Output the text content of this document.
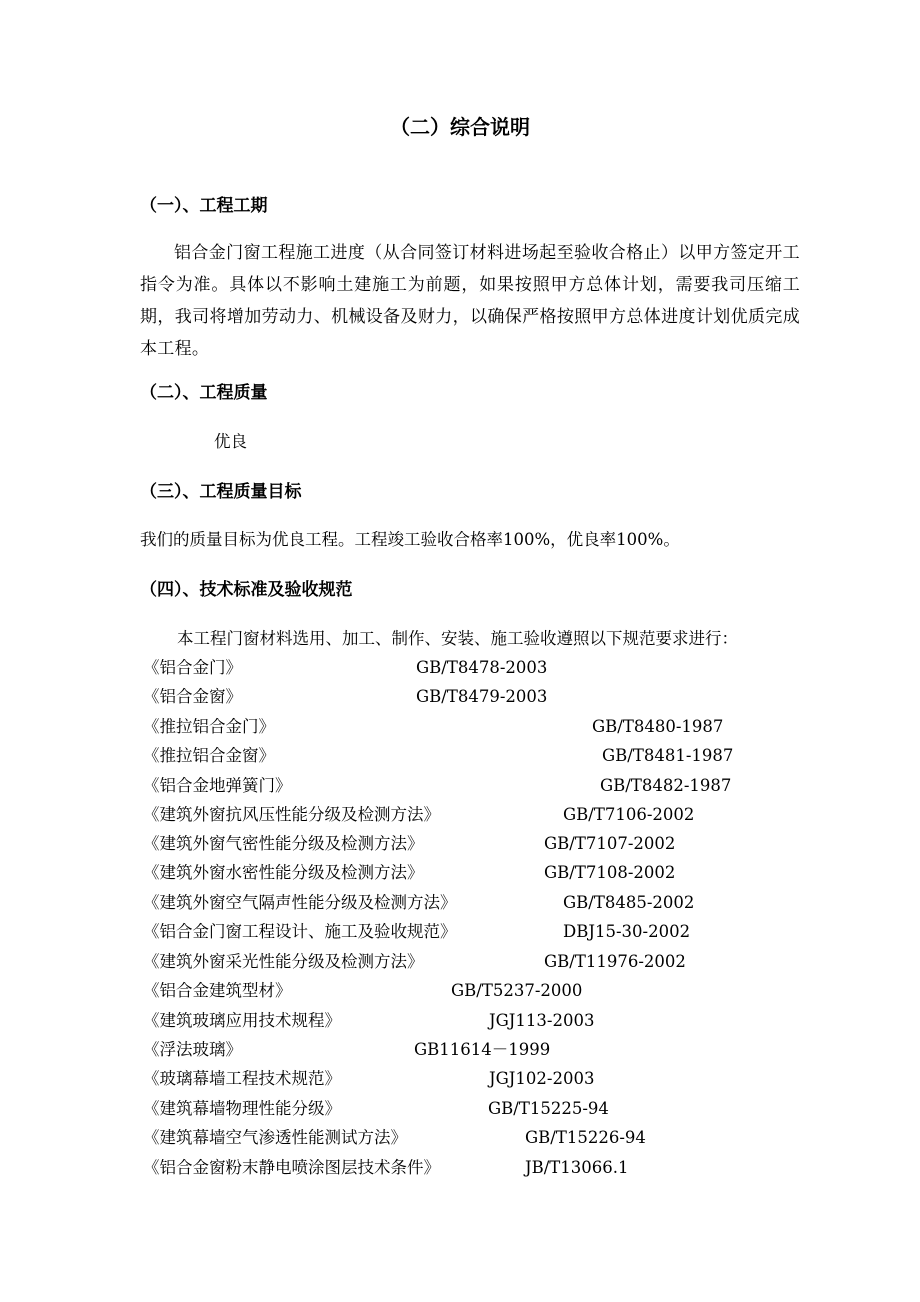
（二）综合说明
（一）、工程工期
铝合金门窗工程施工进度（从合同签订材料进场起至验收合格止）以甲方签定开工指令为准。具体以不影响土建施工为前题，如果按照甲方总体计划，需要我司压缩工期，我司将增加劳动力、机械设备及财力，以确保严格按照甲方总体进度计划优质完成本工程。
（二）、工程质量
优良
（三）、工程质量目标
我们的质量目标为优良工程。工程竣工验收合格率100%，优良率100%。
（四）、技术标准及验收规范
本工程门窗材料选用、加工、制作、安装、施工验收遵照以下规范要求进行：
《铝合金门》	GB/T8478-2003
《铝合金窗》	GB/T8479-2003
《推拉铝合金门》	GB/T8480-1987
《推拉铝合金窗》	GB/T8481-1987
《铝合金地弹簧门》	GB/T8482-1987
《建筑外窗抗风压性能分级及检测方法》	GB/T7106-2002
《建筑外窗气密性能分级及检测方法》	GB/T7107-2002
《建筑外窗水密性能分级及检测方法》	GB/T7108-2002
《建筑外窗空气隔声性能分级及检测方法》	GB/T8485-2002
《铝合金门窗工程设计、施工及验收规范》	DBJ15-30-2002
《建筑外窗采光性能分级及检测方法》	GB/T11976-2002
《铝合金建筑型材》	GB/T5237-2000
《建筑玻璃应用技术规程》	JGJ113-2003
《浮法玻璃》	GB11614－1999
《玻璃幕墙工程技术规范》	JGJ102-2003
《建筑幕墙物理性能分级》	GB/T15225-94
《建筑幕墙空气渗透性能测试方法》	GB/T15226-94
《铝合金窗粉末静电喷涂图层技术条件》	JB/T13066.1
